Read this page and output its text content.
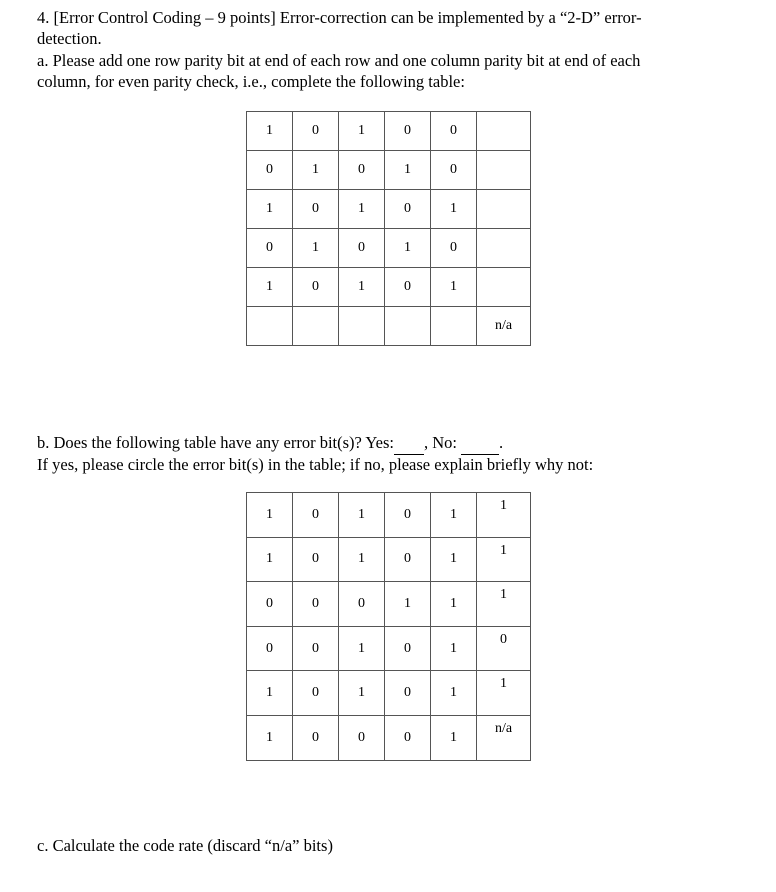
4. [Error Control Coding – 9 points] Error-correction can be implemented by a “2-D” error-
detection.
a. Please add one row parity bit at end of each row and one column parity bit at end of each
column, for even parity check, i.e., complete the following table:
1	0	1	0	0	
0	1	0	1	0	
1	0	1	0	1	
0	1	0	1	0	
1	0	1	0	1	
					n/a
b. Does the following table have any error bit(s)? Yes: , No:	.
If yes, please circle the error bit(s) in the table; if no, please explain briefly why not:
1	0	1	0	1	1
1	0	1	0	1	1
0	0	0	1	1	1
0	0	1	0	1	0
1	0	1	0	1	1
1	0	0	0	1	n/a
c. Calculate the code rate (discard “n/a” bits)
